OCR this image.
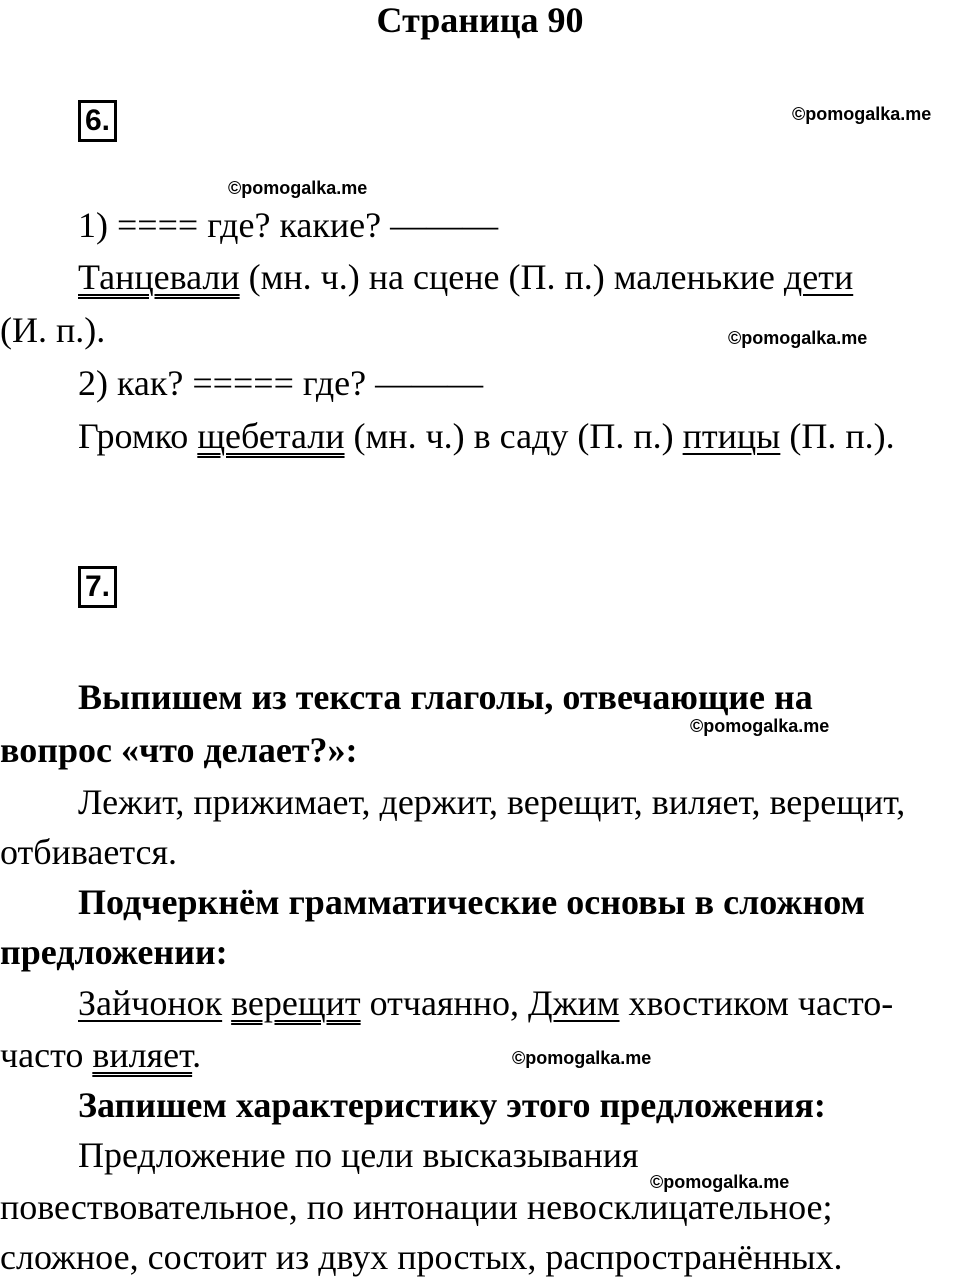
Страница 90
6.	©pomogalka.me
©pomogalka.me
1) ==== где? какие? ———
Танцевали (мн. ч.) на сцене (П. п.) маленькие дети
(И. п.).	©pomogalka.me
2) как? ===== где? ———
Громко щебетали (мн. ч.) в саду (П. п.) птицы (П. п.).
7.
Выпишем из текста глаголы, отвечающие на
©pomogalka.me
вопрос «что делает?»:
Лежит, прижимает, держит, верещит, виляет, верещит,
отбивается.
Подчеркнём грамматические основы в сложном
предложении:
Зайчонок верещит отчаянно, Джим хвостиком часто-
часто виляет.	©pomogalka.me
Запишем характеристику этого предложения:
Предложение по цели высказывания
©pomogalka.me
повествовательное, по интонации невосклицательное;
сложное, состоит из двух простых, распространённых.
